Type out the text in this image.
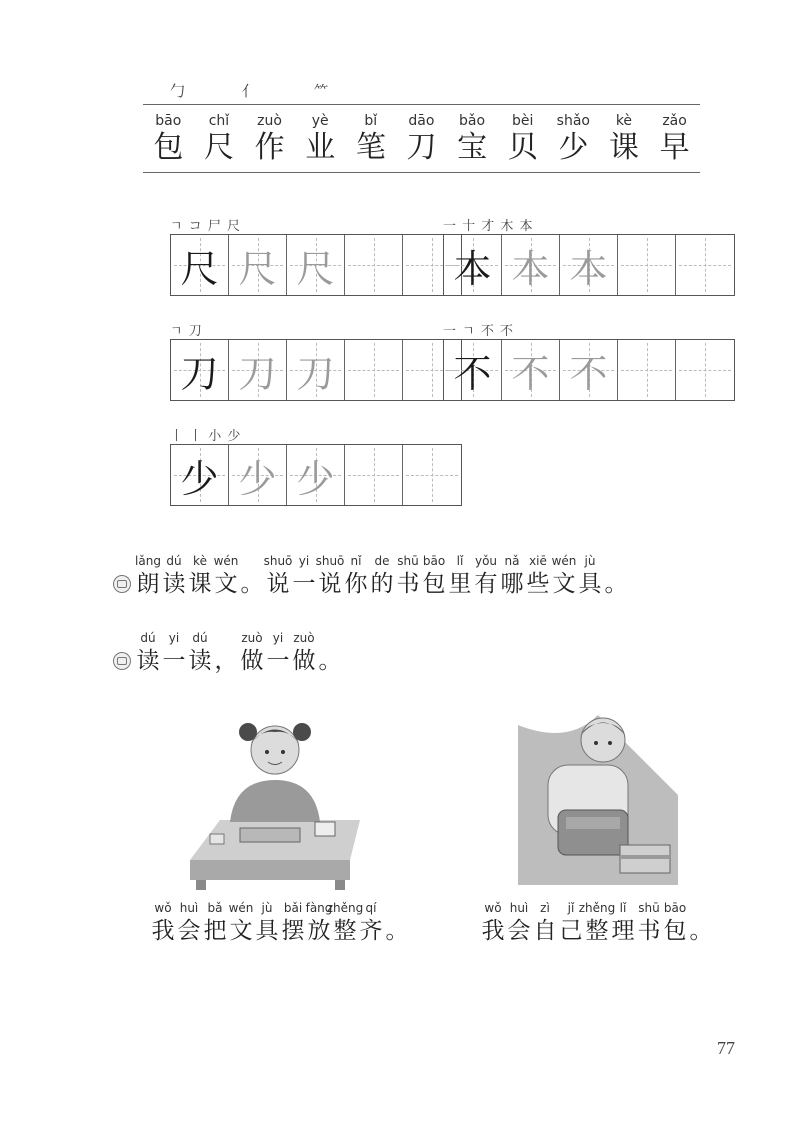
勹	亻	⺮
bāo
包
chǐ
尺
zuò
作
yè
业
bǐ
笔
dāo
刀
bǎo
宝
bèi
贝
shǎo
少
kè
课
zǎo
早
ㄱ コ 尸 尺
尺 尺 尺
一 十 才 木 本
本 本 本
ㄱ 刀
刀 刀 刀
一 ㄱ 不 不
不 不 不
丨 丨 小 少
少 少 少
lǎng
朗
dú
读
kè
课
wén
文 。
shuō
说
yi
一
shuō
说
nǐ
你
de
的
shū
书
bāo
包
lǐ
里
yǒu
有
nǎ
哪
xiē
些
wén
文
jù
具 。
dú
读
yi
一
dú
读 ，
zuò
做
yi
一
zuò
做 。
wǒ
我
huì
会
bǎ
把
wén
文
jù
具
bǎi
摆
fàng
放
zhěng
整
qí
齐 。
wǒ
我
huì
会
zì
自
jǐ
己
zhěng
整
lǐ
理
shū
书
bāo
包 。
77
